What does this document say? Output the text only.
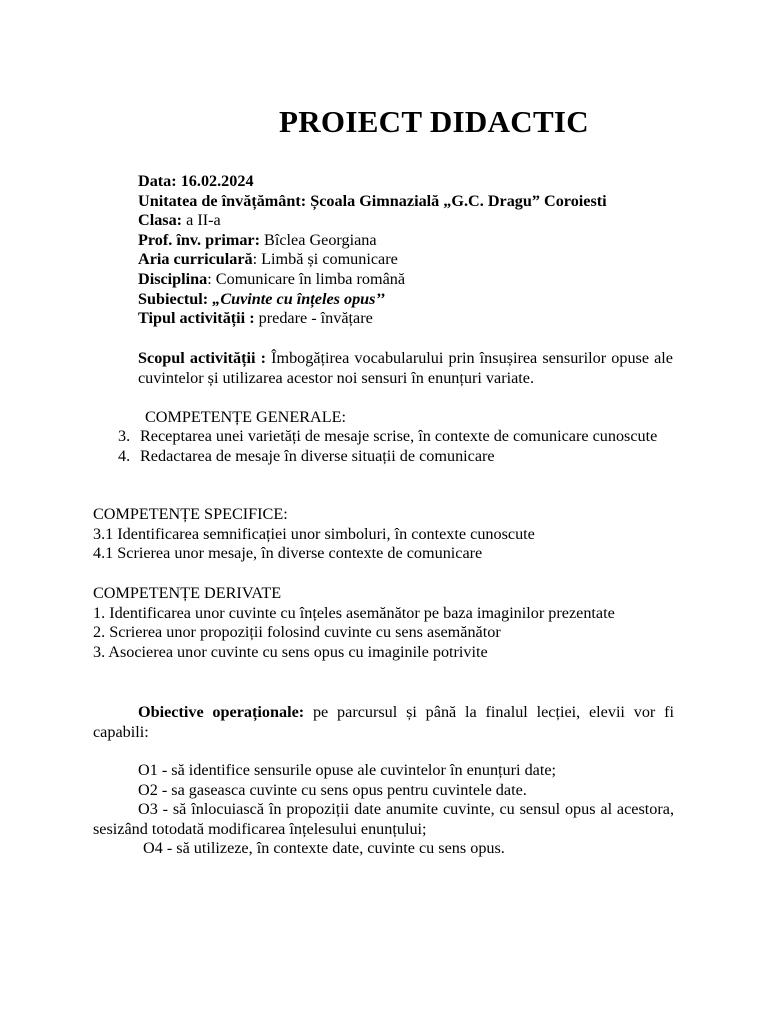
PROIECT DIDACTIC
Data: 16.02.2024
Unitatea de învățământ: Școala Gimnazială „G.C. Dragu” Coroiesti
Clasa: a II-a
Prof. înv. primar: Bîclea Georgiana
Aria curriculară: Limbă și comunicare
Disciplina: Comunicare în limba română
Subiectul: „Cuvinte cu înțeles opus’’
Tipul activității : predare - învățare
Scopul activității : Îmbogățirea vocabularului prin însușirea sensurilor opuse ale cuvintelor și utilizarea acestor noi sensuri în enunțuri variate.
COMPETENȚE GENERALE:
3. Receptarea unei varietăți de mesaje scrise, în contexte de comunicare cunoscute
4. Redactarea de mesaje în diverse situații de comunicare
COMPETENȚE SPECIFICE:
3.1 Identificarea semnificației unor simboluri, în contexte cunoscute
4.1 Scrierea unor mesaje, în diverse contexte de comunicare
COMPETENȚE DERIVATE
1. Identificarea unor cuvinte cu înțeles asemănător pe baza imaginilor prezentate
2. Scrierea unor propoziții folosind cuvinte cu sens asemănător
3. Asocierea unor cuvinte cu sens opus cu imaginile potrivite
Obiective operaționale: pe parcursul și până la finalul lecției, elevii vor fi capabili:
O1 - să identifice sensurile opuse ale cuvintelor în enunțuri date;
O2 - sa gaseasca cuvinte cu sens opus pentru cuvintele date.
O3 - să înlocuiască în propoziții date anumite cuvinte, cu sensul opus al acestora, sesizând totodată modificarea înțelesului enunțului;
O4 - să utilizeze, în contexte date, cuvinte cu sens opus.
